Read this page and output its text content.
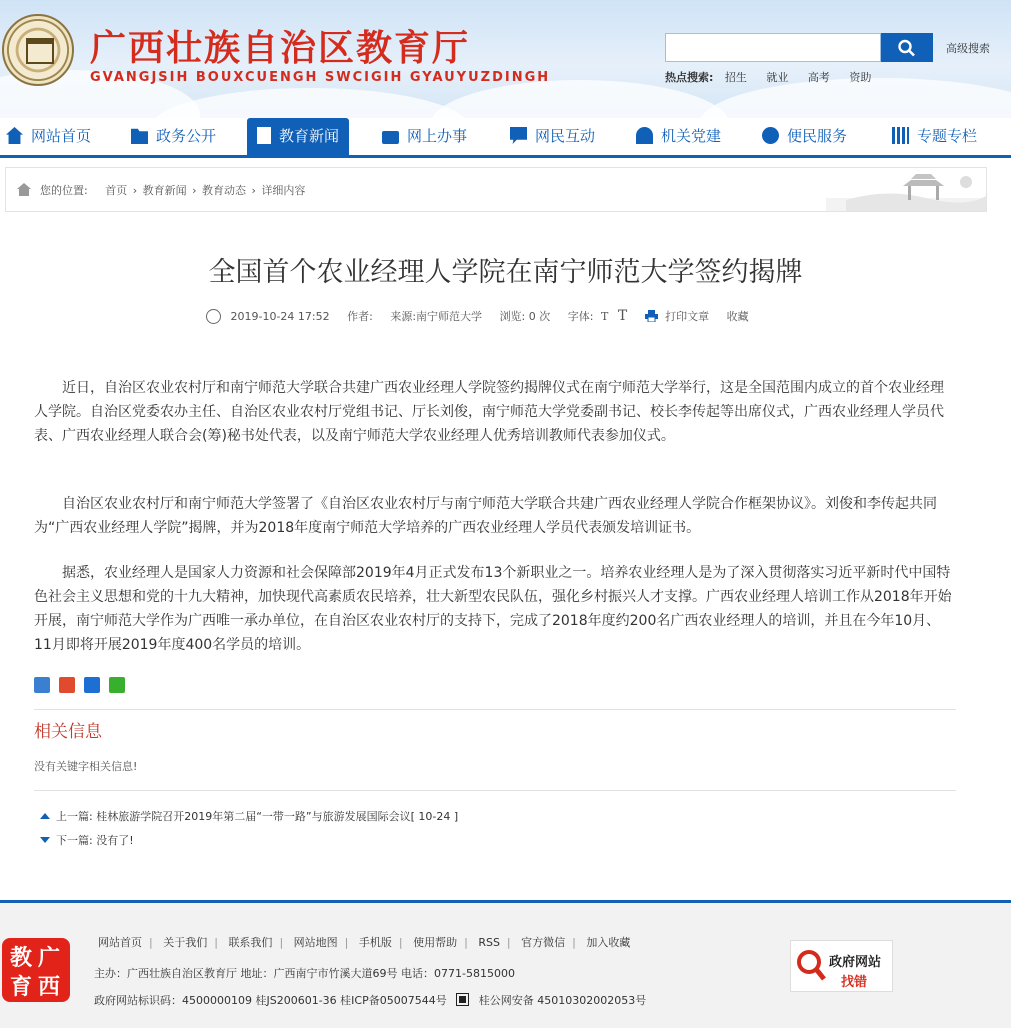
广西壮族自治区教育厅
GVANGJSIH BOUXCUENGH SWCIGIH GYAUYUZDINGH
高级搜索
热点搜索: 招生 就业 高考 资助
网站首页	政务公开	教育新闻	网上办事	网民互动	机关党建	便民服务	专题专栏
您的位置: 首页 › 教育新闻 › 教育动态 › 详细内容
全国首个农业经理人学院在南宁师范大学签约揭牌
2019-10-24 17:52 作者: 来源:南宁师范大学 浏览: 0 次 字体: T T	打印文章 收藏
近日，自治区农业农村厅和南宁师范大学联合共建广西农业经理人学院签约揭牌仪式在南宁师范大学举行，这是全国范围内成立的首个农业经理人学院。自治区党委农办主任、自治区农业农村厅党组书记、厅长刘俊，南宁师范大学党委副书记、校长李传起等出席仪式，广西农业经理人学员代表、广西农业经理人联合会(筹)秘书处代表，以及南宁师范大学农业经理人优秀培训教师代表参加仪式。
自治区农业农村厅和南宁师范大学签署了《自治区农业农村厅与南宁师范大学联合共建广西农业经理人学院合作框架协议》。刘俊和李传起共同为“广西农业经理人学院”揭牌，并为2018年度南宁师范大学培养的广西农业经理人学员代表颁发培训证书。
据悉，农业经理人是国家人力资源和社会保障部2019年4月正式发布13个新职业之一。培养农业经理人是为了深入贯彻落实习近平新时代中国特色社会主义思想和党的十九大精神，加快现代高素质农民培养，壮大新型农民队伍，强化乡村振兴人才支撑。广西农业经理人培训工作从2018年开始开展，南宁师范大学作为广西唯一承办单位，在自治区农业农村厅的支持下，完成了2018年度约200名广西农业经理人的培训，并且在今年10月、11月即将开展2019年度400名学员的培训。

相关信息
没有关键字相关信息!
上一篇: 桂林旅游学院召开2019年第二届“一带一路”与旅游发展国际会议[ 10-24 ]
下一篇: 没有了!
广
西
教
育
网站首页 | 关于我们 | 联系我们 | 网站地图 | 手机版 | 使用帮助 | RSS | 官方微信 | 加入收藏
主办：广西壮族自治区教育厅 地址：广西南宁市竹溪大道69号 电话：0771-5815000
政府网站标识码：4500000109 桂JS200601-36 桂ICP备05007544号	桂公网安备 45010302002053号
政府网站
找错
